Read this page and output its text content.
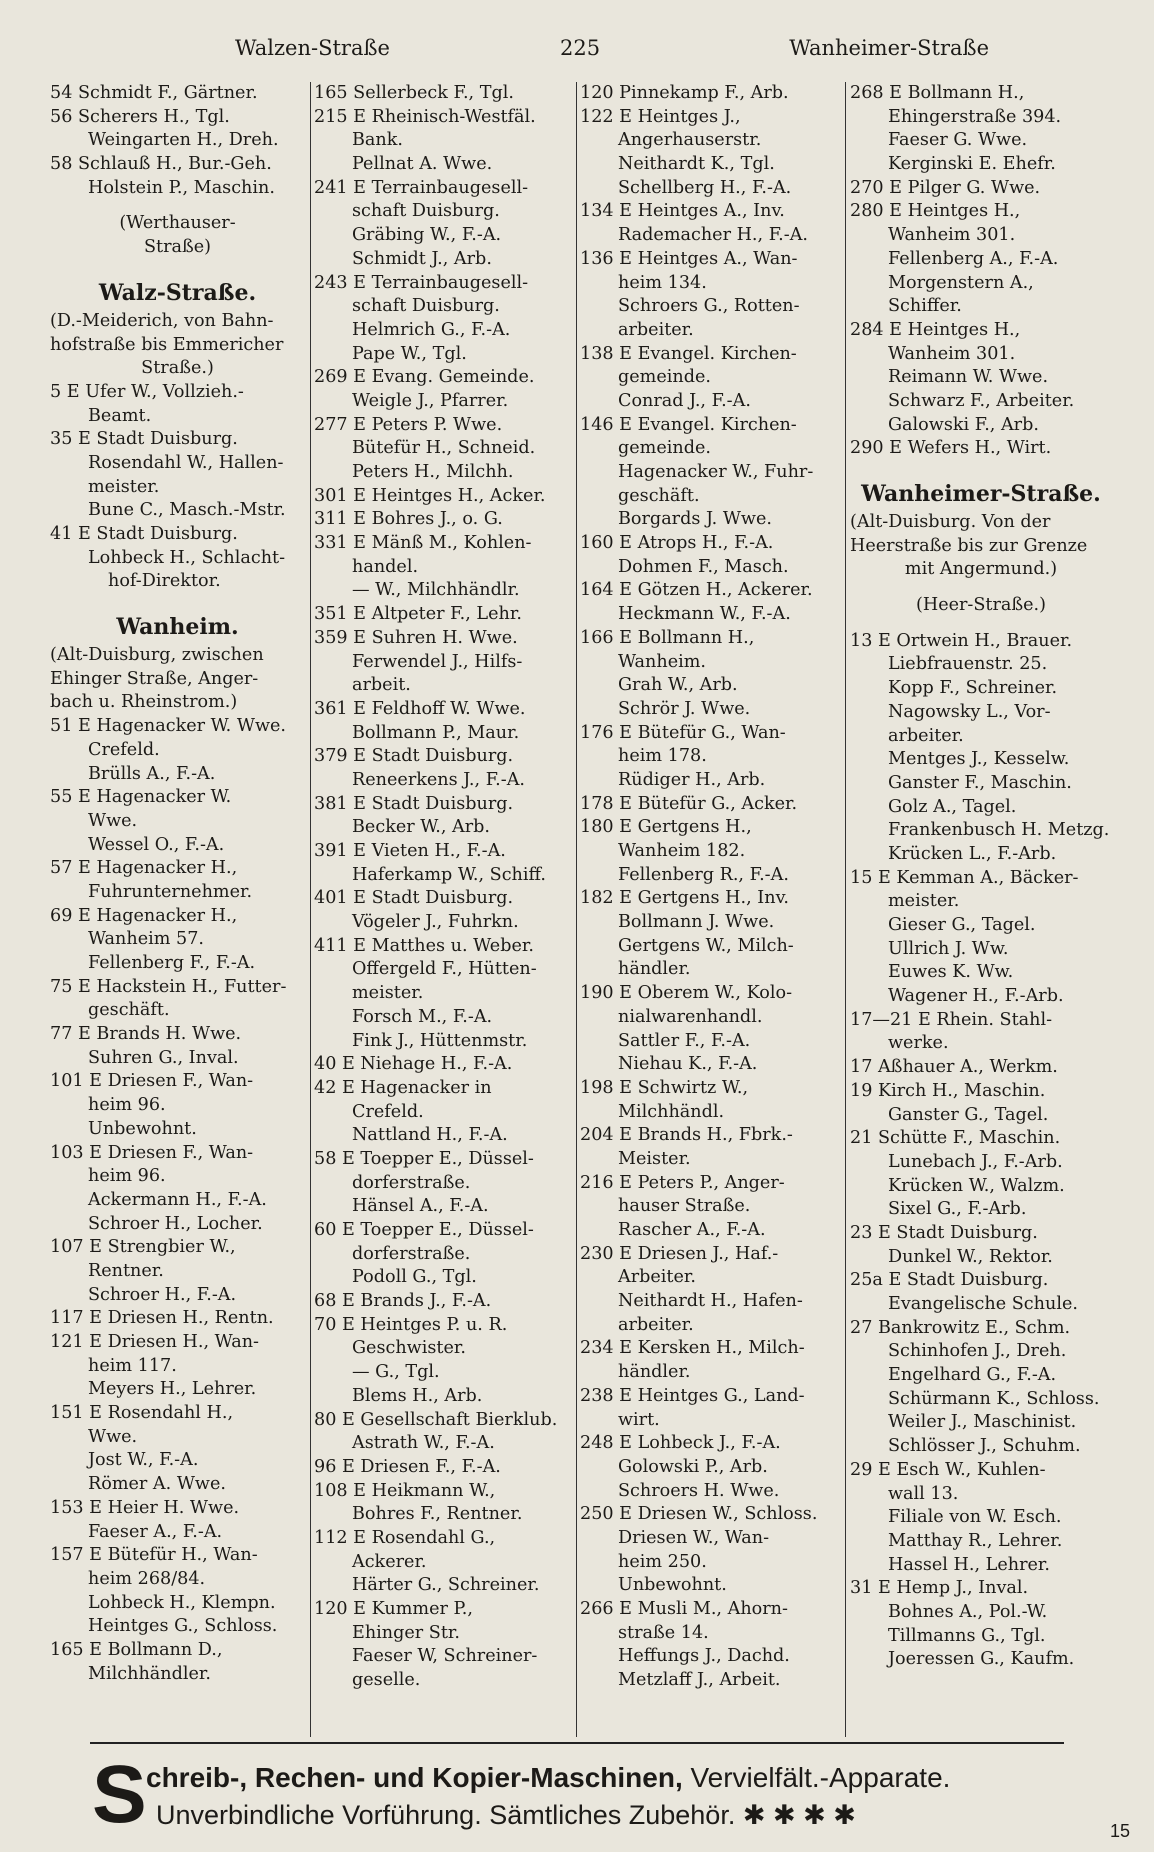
Walzen-Straße	225	Wanheimer-Straße
54 Schmidt F., Gärtner.
56 Scherers H., Tgl.
Weingarten H., Dreh.
58 Schlauß H., Bur.-Geh.
Holstein P., Maschin.
(Werthauser-
Straße)
Walz-Straße.
(D.-Meiderich, von Bahn-
hofstraße bis Emmericher
Straße.)
5 E Ufer W., Vollzieh.-
Beamt.
35 E Stadt Duisburg.
Rosendahl W., Hallen-
meister.
Bune C., Masch.-Mstr.
41 E Stadt Duisburg.
Lohbeck H., Schlacht-
hof-Direktor.
Wanheim.
(Alt-Duisburg, zwischen
Ehinger Straße, Anger-
bach u. Rheinstrom.)
51 E Hagenacker W. Wwe.
Crefeld.
Brülls A., F.-A.
55 E Hagenacker W.
Wwe.
Wessel O., F.-A.
57 E Hagenacker H.,
Fuhrunternehmer.
69 E Hagenacker H.,
Wanheim 57.
Fellenberg F., F.-A.
75 E Hackstein H., Futter-
geschäft.
77 E Brands H. Wwe.
Suhren G., Inval.
101 E Driesen F., Wan-
heim 96.
Unbewohnt.
103 E Driesen F., Wan-
heim 96.
Ackermann H., F.-A.
Schroer H., Locher.
107 E Strengbier W.,
Rentner.
Schroer H., F.-A.
117 E Driesen H., Rentn.
121 E Driesen H., Wan-
heim 117.
Meyers H., Lehrer.
151 E Rosendahl H.,
Wwe.
Jost W., F.-A.
Römer A. Wwe.
153 E Heier H. Wwe.
Faeser A., F.-A.
157 E Bütefür H., Wan-
heim 268/84.
Lohbeck H., Klempn.
Heintges G., Schloss.
165 E Bollmann D.,
Milchhändler.
165 Sellerbeck F., Tgl.
215 E Rheinisch-Westfäl.
Bank.
Pellnat A. Wwe.
241 E Terrainbaugesell-
schaft Duisburg.
Gräbing W., F.-A.
Schmidt J., Arb.
243 E Terrainbaugesell-
schaft Duisburg.
Helmrich G., F.-A.
Pape W., Tgl.
269 E Evang. Gemeinde.
Weigle J., Pfarrer.
277 E Peters P. Wwe.
Bütefür H., Schneid.
Peters H., Milchh.
301 E Heintges H., Acker.
311 E Bohres J., o. G.
331 E Mänß M., Kohlen-
handel.
— W., Milchhändlr.
351 E Altpeter F., Lehr.
359 E Suhren H. Wwe.
Ferwendel J., Hilfs-
arbeit.
361 E Feldhoff W. Wwe.
Bollmann P., Maur.
379 E Stadt Duisburg.
Reneerkens J., F.-A.
381 E Stadt Duisburg.
Becker W., Arb.
391 E Vieten H., F.-A.
Haferkamp W., Schiff.
401 E Stadt Duisburg.
Vögeler J., Fuhrkn.
411 E Matthes u. Weber.
Offergeld F., Hütten-
meister.
Forsch M., F.-A.
Fink J., Hüttenmstr.
40 E Niehage H., F.-A.
42 E Hagenacker in
Crefeld.
Nattland H., F.-A.
58 E Toepper E., Düssel-
dorferstraße.
Hänsel A., F.-A.
60 E Toepper E., Düssel-
dorferstraße.
Podoll G., Tgl.
68 E Brands J., F.-A.
70 E Heintges P. u. R.
Geschwister.
— G., Tgl.
Blems H., Arb.
80 E Gesellschaft Bierklub.
Astrath W., F.-A.
96 E Driesen F., F.-A.
108 E Heikmann W.,
Bohres F., Rentner.
112 E Rosendahl G.,
Ackerer.
Härter G., Schreiner.
120 E Kummer P.,
Ehinger Str.
Faeser W, Schreiner-
geselle.
120 Pinnekamp F., Arb.
122 E Heintges J.,
Angerhauserstr.
Neithardt K., Tgl.
Schellberg H., F.-A.
134 E Heintges A., Inv.
Rademacher H., F.-A.
136 E Heintges A., Wan-
heim 134.
Schroers G., Rotten-
arbeiter.
138 E Evangel. Kirchen-
gemeinde.
Conrad J., F.-A.
146 E Evangel. Kirchen-
gemeinde.
Hagenacker W., Fuhr-
geschäft.
Borgards J. Wwe.
160 E Atrops H., F.-A.
Dohmen F., Masch.
164 E Götzen H., Ackerer.
Heckmann W., F.-A.
166 E Bollmann H.,
Wanheim.
Grah W., Arb.
Schrör J. Wwe.
176 E Bütefür G., Wan-
heim 178.
Rüdiger H., Arb.
178 E Bütefür G., Acker.
180 E Gertgens H.,
Wanheim 182.
Fellenberg R., F.-A.
182 E Gertgens H., Inv.
Bollmann J. Wwe.
Gertgens W., Milch-
händler.
190 E Oberem W., Kolo-
nialwarenhandl.
Sattler F., F.-A.
Niehau K., F.-A.
198 E Schwirtz W.,
Milchhändl.
204 E Brands H., Fbrk.-
Meister.
216 E Peters P., Anger-
hauser Straße.
Rascher A., F.-A.
230 E Driesen J., Haf.-
Arbeiter.
Neithardt H., Hafen-
arbeiter.
234 E Kersken H., Milch-
händler.
238 E Heintges G., Land-
wirt.
248 E Lohbeck J., F.-A.
Golowski P., Arb.
Schroers H. Wwe.
250 E Driesen W., Schloss.
Driesen W., Wan-
heim 250.
Unbewohnt.
266 E Musli M., Ahorn-
straße 14.
Heffungs J., Dachd.
Metzlaff J., Arbeit.
268 E Bollmann H.,
Ehingerstraße 394.
Faeser G. Wwe.
Kerginski E. Ehefr.
270 E Pilger G. Wwe.
280 E Heintges H.,
Wanheim 301.
Fellenberg A., F.-A.
Morgenstern A.,
Schiffer.
284 E Heintges H.,
Wanheim 301.
Reimann W. Wwe.
Schwarz F., Arbeiter.
Galowski F., Arb.
290 E Wefers H., Wirt.
Wanheimer-Straße.
(Alt-Duisburg. Von der
Heerstraße bis zur Grenze
mit Angermund.)
(Heer-Straße.)
13 E Ortwein H., Brauer.
Liebfrauenstr. 25.
Kopp F., Schreiner.
Nagowsky L., Vor-
arbeiter.
Mentges J., Kesselw.
Ganster F., Maschin.
Golz A., Tagel.
Frankenbusch H. Metzg.
Krücken L., F.-Arb.
15 E Kemman A., Bäcker-
meister.
Gieser G., Tagel.
Ullrich J. Ww.
Euwes K. Ww.
Wagener H., F.-Arb.
17—21 E Rhein. Stahl-
werke.
17 Aßhauer A., Werkm.
19 Kirch H., Maschin.
Ganster G., Tagel.
21 Schütte F., Maschin.
Lunebach J., F.-Arb.
Krücken W., Walzm.
Sixel G., F.-Arb.
23 E Stadt Duisburg.
Dunkel W., Rektor.
25a E Stadt Duisburg.
Evangelische Schule.
27 Bankrowitz E., Schm.
Schinhofen J., Dreh.
Engelhard G., F.-A.
Schürmann K., Schloss.
Weiler J., Maschinist.
Schlösser J., Schuhm.
29 E Esch W., Kuhlen-
wall 13.
Filiale von W. Esch.
Matthay R., Lehrer.
Hassel H., Lehrer.
31 E Hemp J., Inval.
Bohnes A., Pol.-W.
Tillmanns G., Tgl.
Joeressen G., Kaufm.
S chreib-, Rechen- und Kopier-Maschinen, Vervielfält.-Apparate.
Unverbindliche Vorführung. Sämtliches Zubehör. ✱ ✱ ✱ ✱
15
